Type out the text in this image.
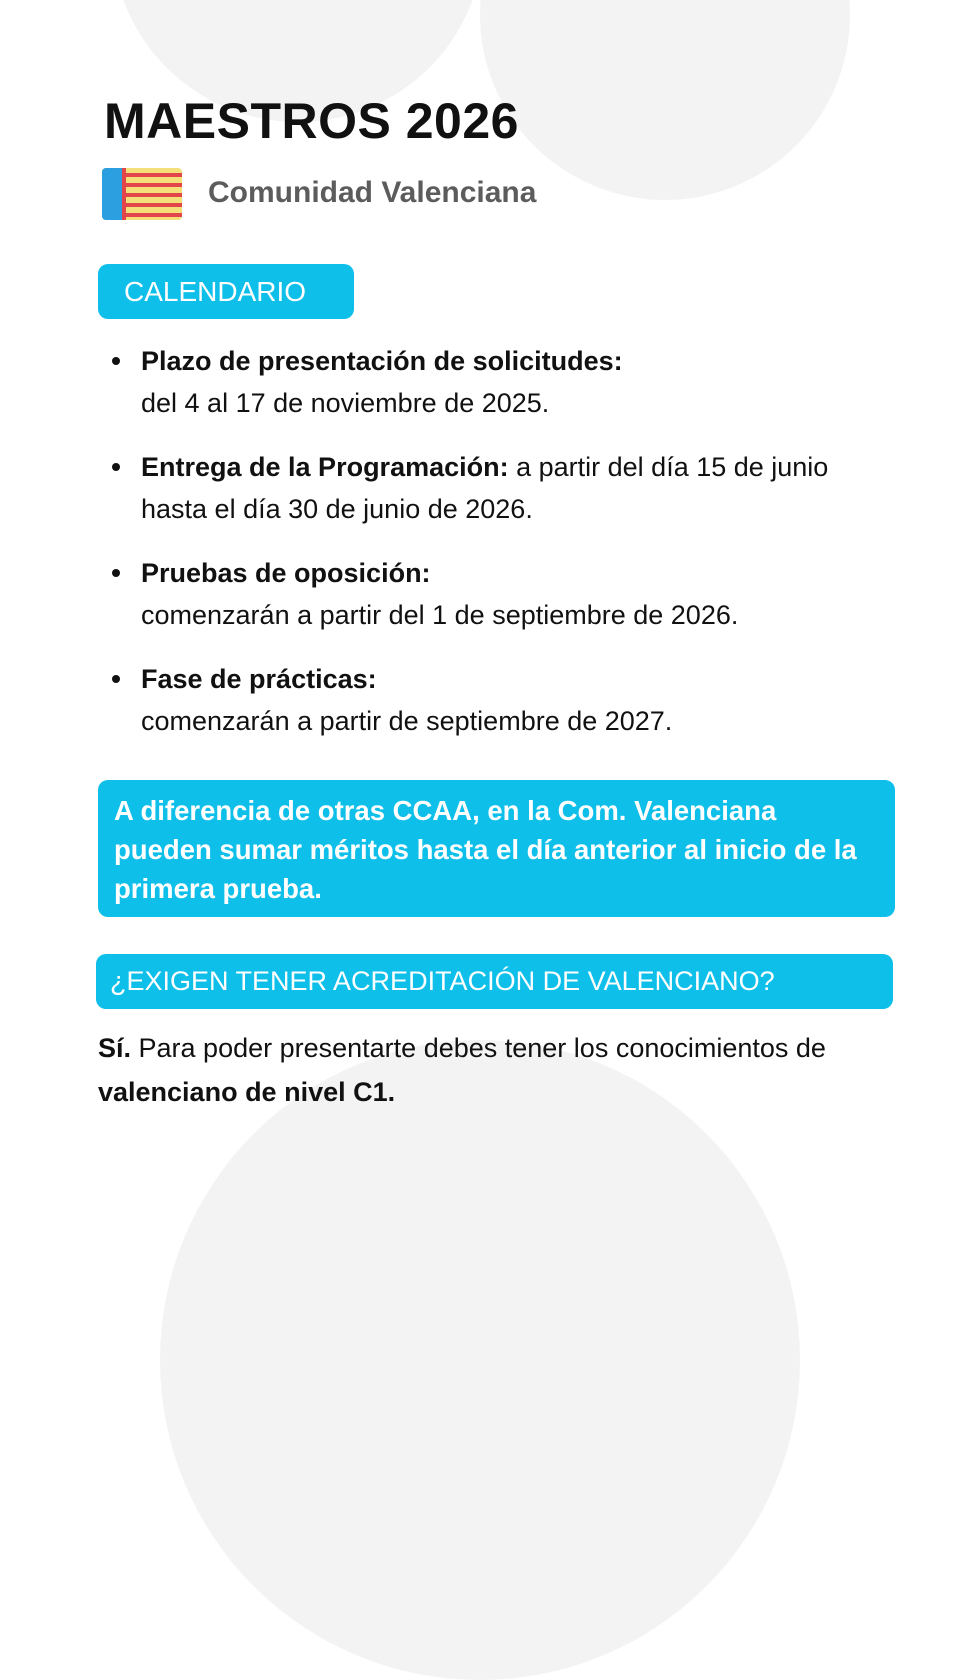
MAESTROS 2026
Comunidad Valenciana
CALENDARIO
Plazo de presentación de solicitudes:
del 4 al 17 de noviembre de 2025.
Entrega de la Programación: a partir del día 15 de junio hasta el día 30 de junio de 2026.
Pruebas de oposición:
comenzarán a partir del 1 de septiembre de 2026.
Fase de prácticas:
comenzarán a partir de septiembre de 2027.
A diferencia de otras CCAA, en la Com. Valenciana pueden sumar méritos hasta el día anterior al inicio de la primera prueba.
¿EXIGEN TENER ACREDITACIÓN DE VALENCIANO?
Sí. Para poder presentarte debes tener los conocimientos de valenciano de nivel C1.
